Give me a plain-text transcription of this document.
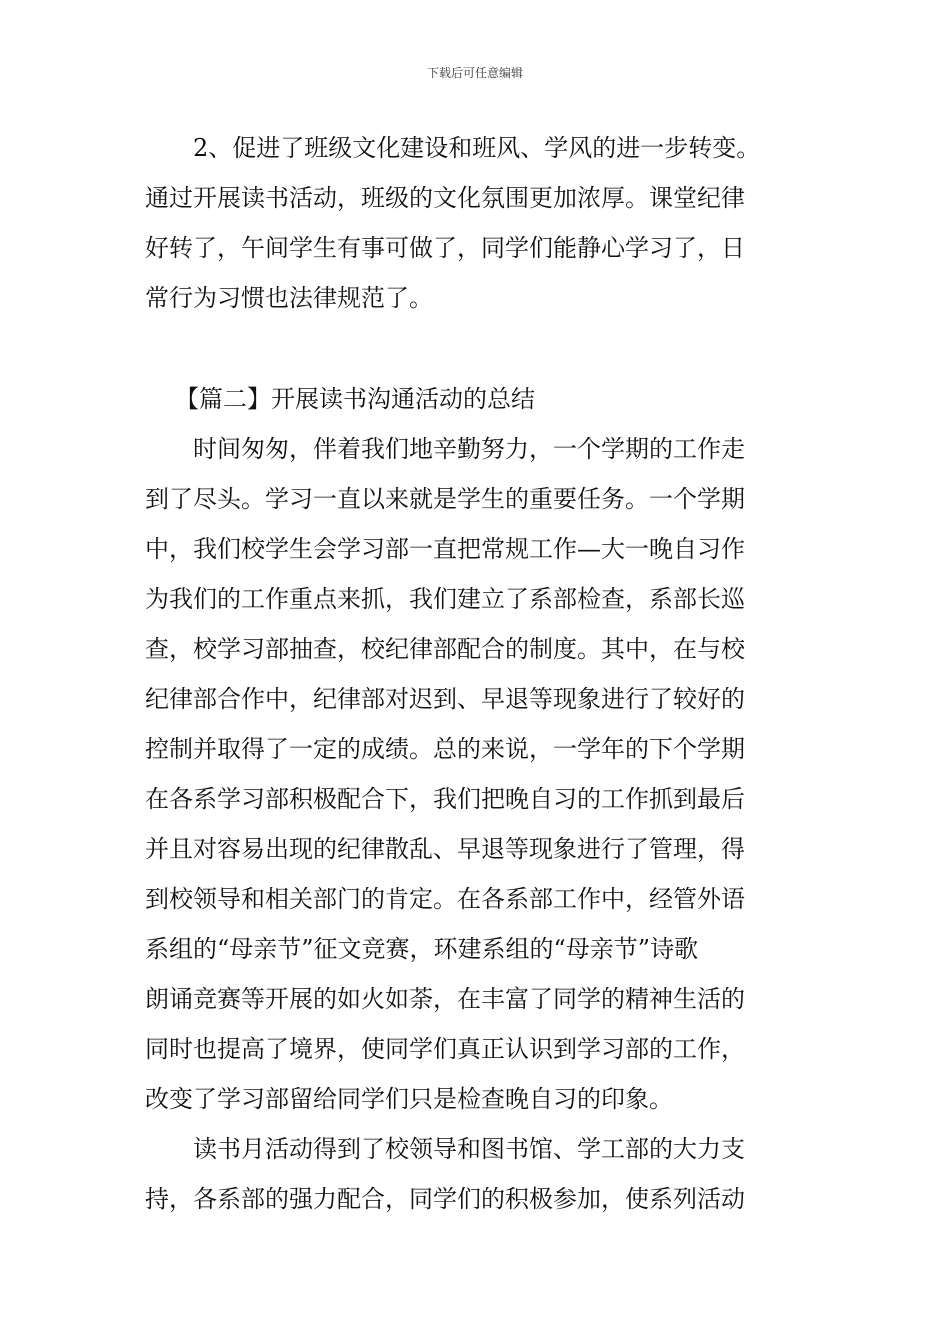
下载后可任意编辑
2、促进了班级文化建设和班风、学风的进一步转变。
通过开展读书活动，班级的文化氛围更加浓厚。课堂纪律
好转了，午间学生有事可做了，同学们能静心学习了，日
常行为习惯也法律规范了。
【篇二】开展读书沟通活动的总结
时间匆匆，伴着我们地辛勤努力，一个学期的工作走
到了尽头。学习一直以来就是学生的重要任务。一个学期
中，我们校学生会学习部一直把常规工作—大一晚自习作
为我们的工作重点来抓，我们建立了系部检查，系部长巡
查，校学习部抽查，校纪律部配合的制度。其中，在与校
纪律部合作中，纪律部对迟到、早退等现象进行了较好的
控制并取得了一定的成绩。总的来说，一学年的下个学期
在各系学习部积极配合下，我们把晚自习的工作抓到最后
并且对容易出现的纪律散乱、早退等现象进行了管理，得
到校领导和相关部门的肯定。在各系部工作中，经管外语
系组的“母亲节”征文竞赛，环建系组的“母亲节”诗歌
朗诵竞赛等开展的如火如荼，在丰富了同学的精神生活的
同时也提高了境界，使同学们真正认识到学习部的工作，
改变了学习部留给同学们只是检查晚自习的印象。
读书月活动得到了校领导和图书馆、学工部的大力支
持，各系部的强力配合，同学们的积极参加，使系列活动
